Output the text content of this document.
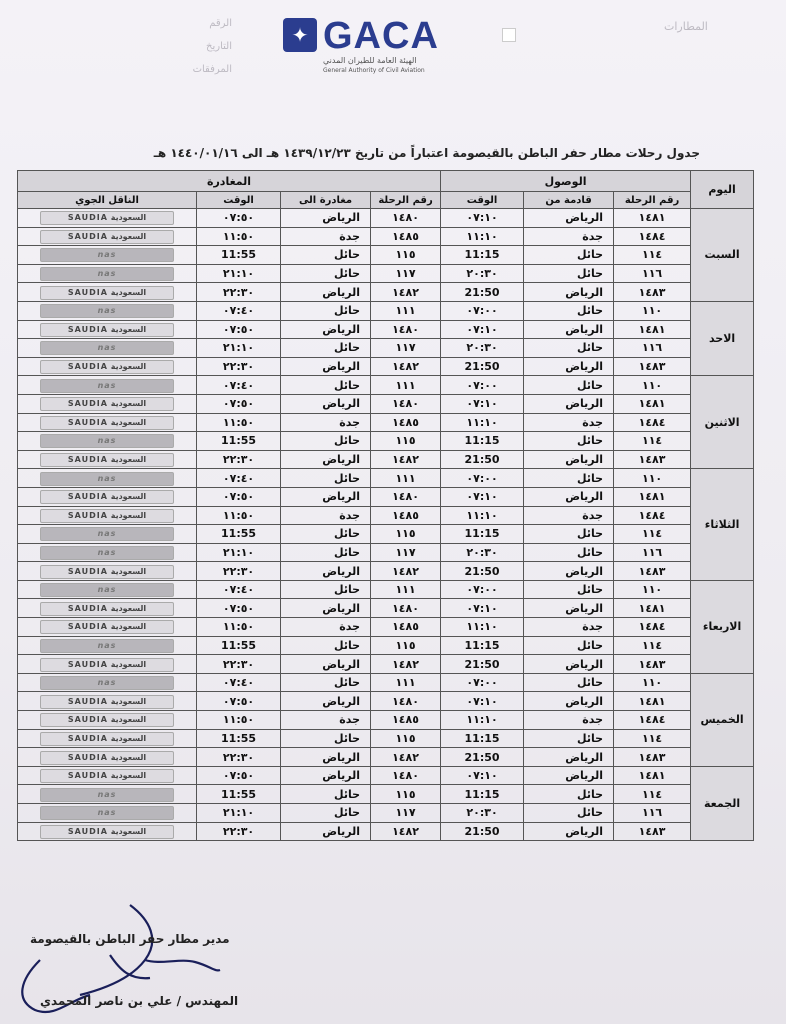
الرقم
التاريخ
المرفقات
المطارات
✦ GACA
الهيئة العامة للطيران المدني
General Authority of Civil Aviation
جدول رحلات مطار حفر الباطن بالقيصومة اعتباراً من تاريخ ١٤٣٩/١٢/٢٣ هـ الى ١٤٤٠/٠١/١٦ هـ
اليوم	الوصول			المغادرة			
	رقم الرحلة	قادمة من	الوقت	رقم الرحلة	مغادرة الى	الوقت	الناقل الجوي
السبت	١٤٨١	الرياض	٠٧:١٠	١٤٨٠	الرياض	٠٧:٥٠	السعودية SAUDIA
	١٤٨٤	جدة	١١:١٠	١٤٨٥	جدة	١١:٥٠	السعودية SAUDIA
	١١٤	حائل	11:15	١١٥	حائل	11:55	nas
	١١٦	حائل	٢٠:٣٠	١١٧	حائل	٢١:١٠	nas
	١٤٨٣	الرياض	21:50	١٤٨٢	الرياض	٢٢:٣٠	السعودية SAUDIA
الاحد	١١٠	حائل	٠٧:٠٠	١١١	حائل	٠٧:٤٠	nas
	١٤٨١	الرياض	٠٧:١٠	١٤٨٠	الرياض	٠٧:٥٠	السعودية SAUDIA
	١١٦	حائل	٢٠:٣٠	١١٧	حائل	٢١:١٠	nas
	١٤٨٣	الرياض	21:50	١٤٨٢	الرياض	٢٢:٣٠	السعودية SAUDIA
الاثنين	١١٠	حائل	٠٧:٠٠	١١١	حائل	٠٧:٤٠	nas
	١٤٨١	الرياض	٠٧:١٠	١٤٨٠	الرياض	٠٧:٥٠	السعودية SAUDIA
	١٤٨٤	جدة	١١:١٠	١٤٨٥	جدة	١١:٥٠	السعودية SAUDIA
	١١٤	حائل	11:15	١١٥	حائل	11:55	nas
	١٤٨٣	الرياض	21:50	١٤٨٢	الرياض	٢٢:٣٠	السعودية SAUDIA
الثلاثاء	١١٠	حائل	٠٧:٠٠	١١١	حائل	٠٧:٤٠	nas
	١٤٨١	الرياض	٠٧:١٠	١٤٨٠	الرياض	٠٧:٥٠	السعودية SAUDIA
	١٤٨٤	جدة	١١:١٠	١٤٨٥	جدة	١١:٥٠	السعودية SAUDIA
	١١٤	حائل	11:15	١١٥	حائل	11:55	nas
	١١٦	حائل	٢٠:٣٠	١١٧	حائل	٢١:١٠	nas
	١٤٨٣	الرياض	21:50	١٤٨٢	الرياض	٢٢:٣٠	السعودية SAUDIA
الاربعاء	١١٠	حائل	٠٧:٠٠	١١١	حائل	٠٧:٤٠	nas
	١٤٨١	الرياض	٠٧:١٠	١٤٨٠	الرياض	٠٧:٥٠	السعودية SAUDIA
	١٤٨٤	جدة	١١:١٠	١٤٨٥	جدة	١١:٥٠	السعودية SAUDIA
	١١٤	حائل	11:15	١١٥	حائل	11:55	nas
	١٤٨٣	الرياض	21:50	١٤٨٢	الرياض	٢٢:٣٠	السعودية SAUDIA
الخميس	١١٠	حائل	٠٧:٠٠	١١١	حائل	٠٧:٤٠	nas
	١٤٨١	الرياض	٠٧:١٠	١٤٨٠	الرياض	٠٧:٥٠	السعودية SAUDIA
	١٤٨٤	جدة	١١:١٠	١٤٨٥	جدة	١١:٥٠	السعودية SAUDIA
	١١٤	حائل	11:15	١١٥	حائل	11:55	السعودية SAUDIA
	١٤٨٣	الرياض	21:50	١٤٨٢	الرياض	٢٢:٣٠	السعودية SAUDIA
الجمعة	١٤٨١	الرياض	٠٧:١٠	١٤٨٠	الرياض	٠٧:٥٠	السعودية SAUDIA
	١١٤	حائل	11:15	١١٥	حائل	11:55	nas
	١١٦	حائل	٢٠:٣٠	١١٧	حائل	٢١:١٠	nas
	١٤٨٣	الرياض	21:50	١٤٨٢	الرياض	٢٢:٣٠	السعودية SAUDIA
مدير مطار حفر الباطن بالقيصومة
المهندس / علي بن ناصر المحمدي
